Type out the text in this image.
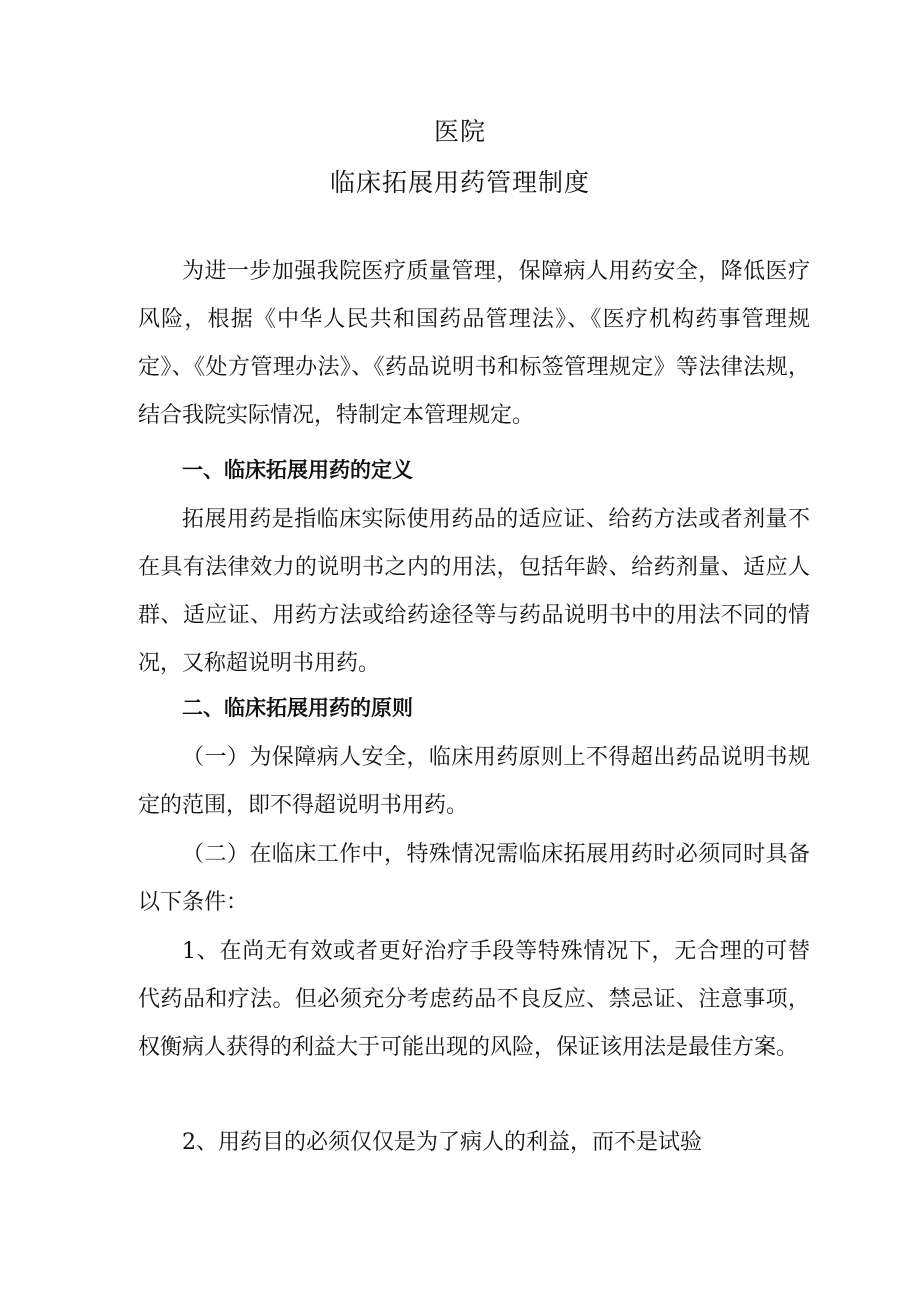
医院
临床拓展用药管理制度

为进一步加强我院医疗质量管理，保障病人用药安全，降低医疗风险，根据《中华人民共和国药品管理法》、《医疗机构药事管理规定》、《处方管理办法》、《药品说明书和标签管理规定》等法律法规，结合我院实际情况，特制定本管理规定。

一、临床拓展用药的定义

拓展用药是指临床实际使用药品的适应证、给药方法或者剂量不在具有法律效力的说明书之内的用法，包括年龄、给药剂量、适应人群、适应证、用药方法或给药途径等与药品说明书中的用法不同的情况，又称超说明书用药。

二、临床拓展用药的原则

（一）为保障病人安全，临床用药原则上不得超出药品说明书规定的范围，即不得超说明书用药。

（二）在临床工作中，特殊情况需临床拓展用药时必须同时具备以下条件：

1、在尚无有效或者更好治疗手段等特殊情况下，无合理的可替代药品和疗法。但必须充分考虑药品不良反应、禁忌证、注意事项，权衡病人获得的利益大于可能出现的风险，保证该用法是最佳方案。

2、用药目的必须仅仅是为了病人的利益，而不是试验
